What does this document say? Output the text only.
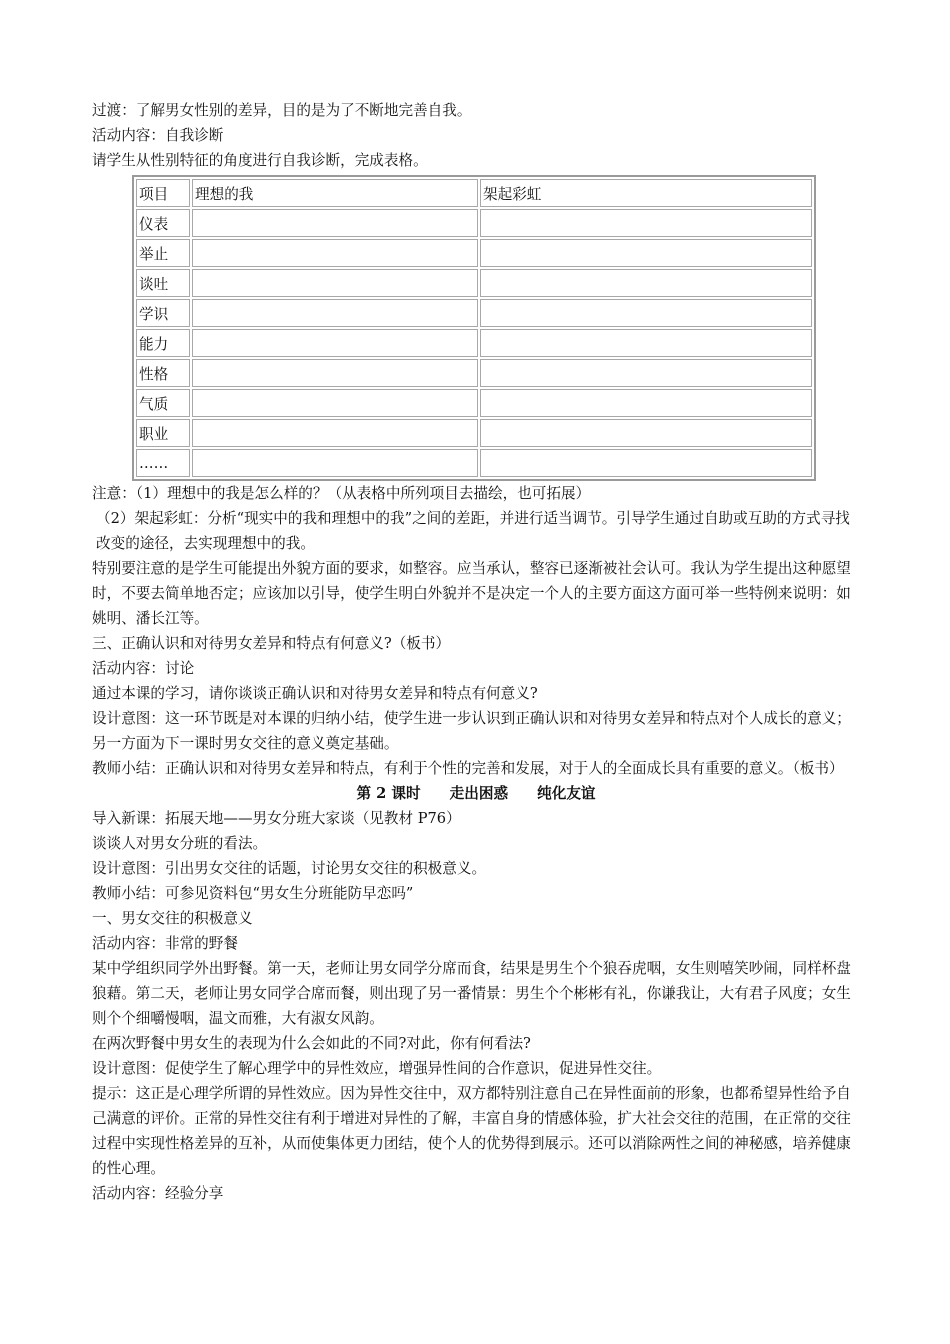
过渡：了解男女性别的差异，目的是为了不断地完善自我。
活动内容：自我诊断
请学生从性别特征的角度进行自我诊断，完成表格。
项目	理想的我	架起彩虹
仪表		
举止		
谈吐		
学识		
能力		
性格		
气质		
职业		
……		
注意：（1）理想中的我是怎么样的？（从表格中所列项目去描绘，也可拓展）
（2）架起彩虹：分析“现实中的我和理想中的我”之间的差距，并进行适当调节。引导学生通过自助或互助的方式寻找改变的途径，去实现理想中的我。
特别要注意的是学生可能提出外貌方面的要求，如整容。应当承认，整容已逐渐被社会认可。我认为学生提出这种愿望时，不要去简单地否定；应该加以引导，使学生明白外貌并不是决定一个人的主要方面这方面可举一些特例来说明：如姚明、潘长江等。
三、正确认识和对待男女差异和特点有何意义?（板书）
活动内容：讨论
通过本课的学习，请你谈谈正确认识和对待男女差异和特点有何意义?
设计意图：这一环节既是对本课的归纳小结，使学生进一步认识到正确认识和对待男女差异和特点对个人成长的意义；另一方面为下一课时男女交往的意义奠定基础。
教师小结：正确认识和对待男女差异和特点，有利于个性的完善和发展，对于人的全面成长具有重要的意义。（板书）
第 2 课时 走出困惑 纯化友谊
导入新课：拓展天地——男女分班大家谈（见教材 P76）
谈谈人对男女分班的看法。
设计意图：引出男女交往的话题，讨论男女交往的积极意义。
教师小结：可参见资料包“男女生分班能防早恋吗”
一、男女交往的积极意义
活动内容：非常的野餐
某中学组织同学外出野餐。第一天，老师让男女同学分席而食，结果是男生个个狼吞虎咽，女生则嘻笑吵闹，同样杯盘狼藉。第二天，老师让男女同学合席而餐，则出现了另一番情景：男生个个彬彬有礼，你谦我让，大有君子风度；女生则个个细嚼慢咽，温文而雅，大有淑女风韵。
在两次野餐中男女生的表现为什么会如此的不同?对此，你有何看法?
设计意图：促使学生了解心理学中的异性效应，增强异性间的合作意识，促进异性交往。
提示：这正是心理学所谓的异性效应。因为异性交往中，双方都特别注意自己在异性面前的形象，也都希望异性给予自己满意的评价。正常的异性交往有利于增进对异性的了解，丰富自身的情感体验，扩大社会交往的范围，在正常的交往过程中实现性格差异的互补，从而使集体更力团结，使个人的优势得到展示。还可以消除两性之间的神秘感，培养健康的性心理。
活动内容：经验分享
